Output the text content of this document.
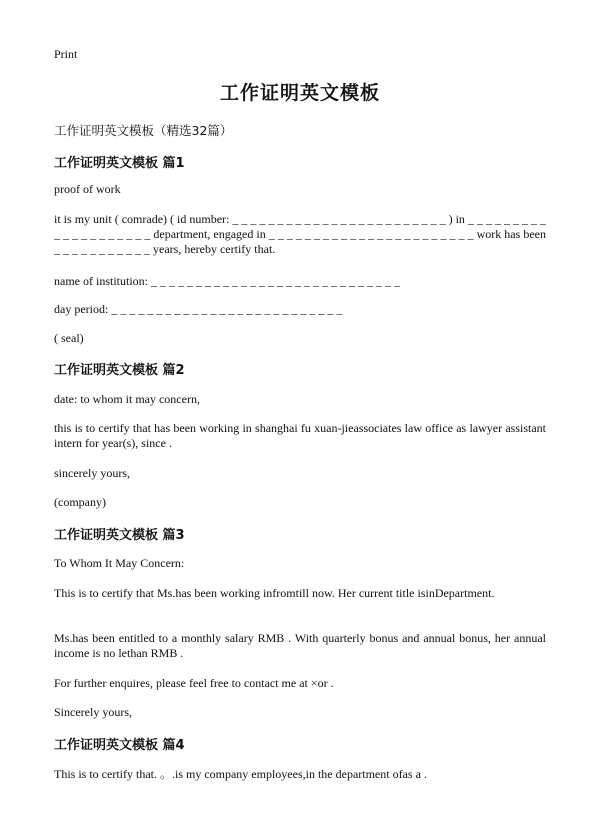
Print
工作证明英文模板
工作证明英文模板（精选32篇）
工作证明英文模板 篇1
proof of work
it is my unit ( comrade) ( id number: _ _ _ _ _ _ _ _ _ _ _ _ _ _ _ _ _ _ _ _ _ _ _ _ ) in _ _ _ _ _ _ _ _ _ _ _ _ _ _ _ _ _ _ _ _ department, engaged in _ _ _ _ _ _ _ _ _ _ _ _ _ _ _ _ _ _ _ _ _ _ _ work has been _ _ _ _ _ _ _ _ _ _ _ years, hereby certify that.
name of institution: _ _ _ _ _ _ _ _ _ _ _ _ _ _ _ _ _ _ _ _ _ _ _ _ _ _ _ _
day period: _ _ _ _ _ _ _ _ _ _ _ _ _ _ _ _ _ _ _ _ _ _ _ _ _ _
( seal)
工作证明英文模板 篇2
date: to whom it may concern,
this is to certify that has been working in shanghai fu xuan-jieassociates law office as lawyer assistant intern for year(s), since .
sincerely yours,
(company)
工作证明英文模板 篇3
To Whom It May Concern:
This is to certify that Ms.has been working infromtill now. Her current title isinDepartment.
Ms.has been entitled to a monthly salary RMB . With quarterly bonus and annual bonus, her annual income is no lethan RMB .
For further enquires, please feel free to contact me at ×or .
Sincerely yours,
工作证明英文模板 篇4
This is to certify that. 。.is my company employees,in the department ofas a .
